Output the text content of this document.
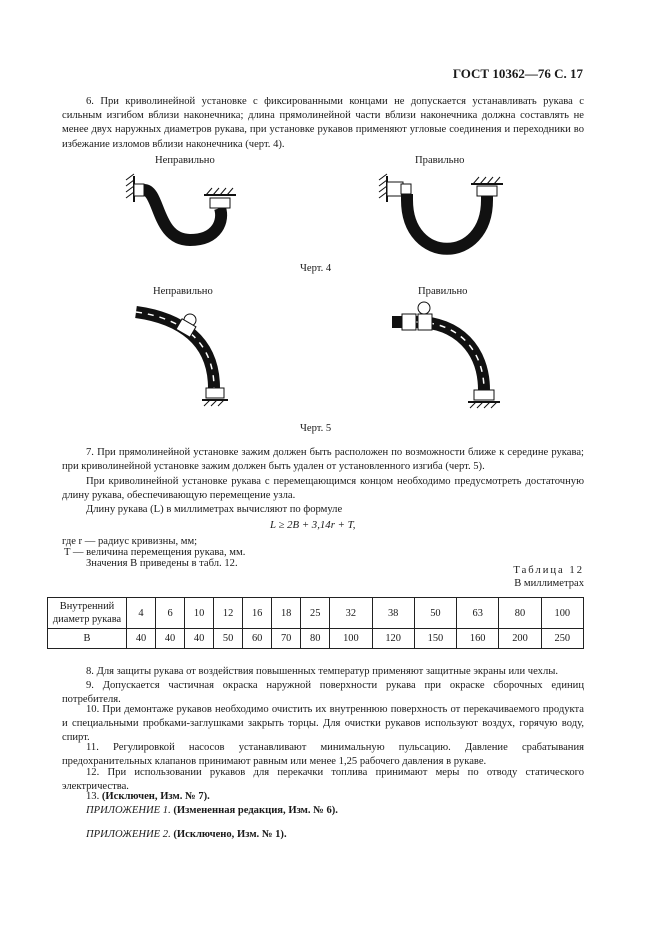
ГОСТ 10362—76 С. 17
6. При криволинейной установке с фиксированными концами не допускается устанавливать рукава с сильным изгибом вблизи наконечника; длина прямолинейной части вблизи наконечника должна составлять не менее двух наружных диаметров рукава, при установке рукавов применяют угловые соединения и переходники во избежание изломов вблизи наконечника (черт. 4).
Неправильно	Правильно
Черт. 4
Неправильно	Правильно
Черт. 5
7. При прямолинейной установке зажим должен быть расположен по возможности ближе к середине рукава; при криволинейной установке зажим должен быть удален от установленного изгиба (черт. 5).
При криволинейной установке рукава с перемещающимся концом необходимо предусмотреть достаточную длину рукава, обеспечивающую перемещение узла.
Длину рукава (L) в миллиметрах вычисляют по формуле
L ≥ 2B + 3,14r + T,
где r — радиус кривизны, мм;
T — величина перемещения рукава, мм.
Значения B приведены в табл. 12.
Таблица 12
В миллиметрах
Внутренний диаметр рукава	4	6	10	12	16	18	25	32	38	50	63	80	100
B	40	40	40	50	60	70	80	100	120	150	160	200	250
8. Для защиты рукава от воздействия повышенных температур применяют защитные экраны или чехлы.
9. Допускается частичная окраска наружной поверхности рукава при окраске сборочных единиц потребителя.
10. При демонтаже рукавов необходимо очистить их внутреннюю поверхность от перекачиваемого продукта и специальными пробками-заглушками закрыть торцы. Для очистки рукавов используют воздух, горячую воду, спирт.
11. Регулировкой насосов устанавливают минимальную пульсацию. Давление срабатывания предохранительных клапанов принимают равным или менее 1,25 рабочего давления в рукаве.
12. При использовании рукавов для перекачки топлива принимают меры по отводу статического электричества.
13. (Исключен, Изм. № 7).
ПРИЛОЖЕНИЕ 1. (Измененная редакция, Изм. № 6).
ПРИЛОЖЕНИЕ 2. (Исключено, Изм. № 1).
